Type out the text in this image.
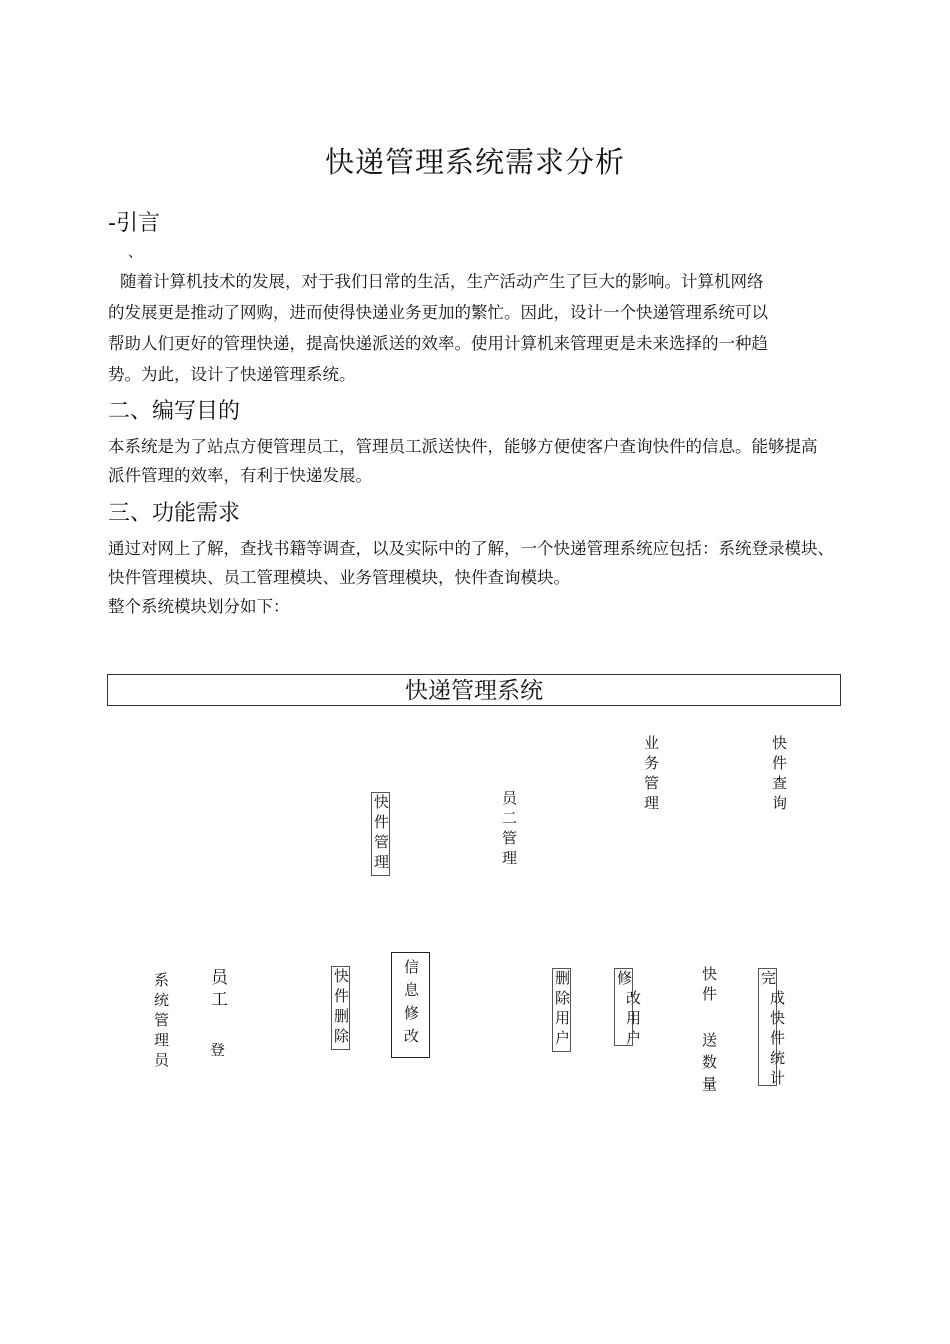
快递管理系统需求分析
-引言
、
随着计算机技术的发展，对于我们日常的生活，生产活动产生了巨大的影响。计算机网络
的发展更是推动了网购，进而使得快递业务更加的繁忙。因此，设计一个快递管理系统可以
帮助人们更好的管理快递，提高快递派送的效率。使用计算机来管理更是未来选择的一种趋
势。为此，设计了快递管理系统。
二、编写目的
本系统是为了站点方便管理员工，管理员工派送快件，能够方便使客户查询快件的信息。能够提高
派件管理的效率，有利于快递发展。
三、功能需求
通过对网上了解，查找书籍等调查，以及实际中的了解，一个快递管理系统应包括：系统登录模块、
快件管理模块、员工管理模块、业务管理模块，快件查询模块。
整个系统模块划分如下：
快递管理系统
快件管理	员二管理
业务管理	快件查询
系统管理员 员工
登
快件删除	信息修改	删除用户	修
改用户
快件
送数量
完
成快件统计
